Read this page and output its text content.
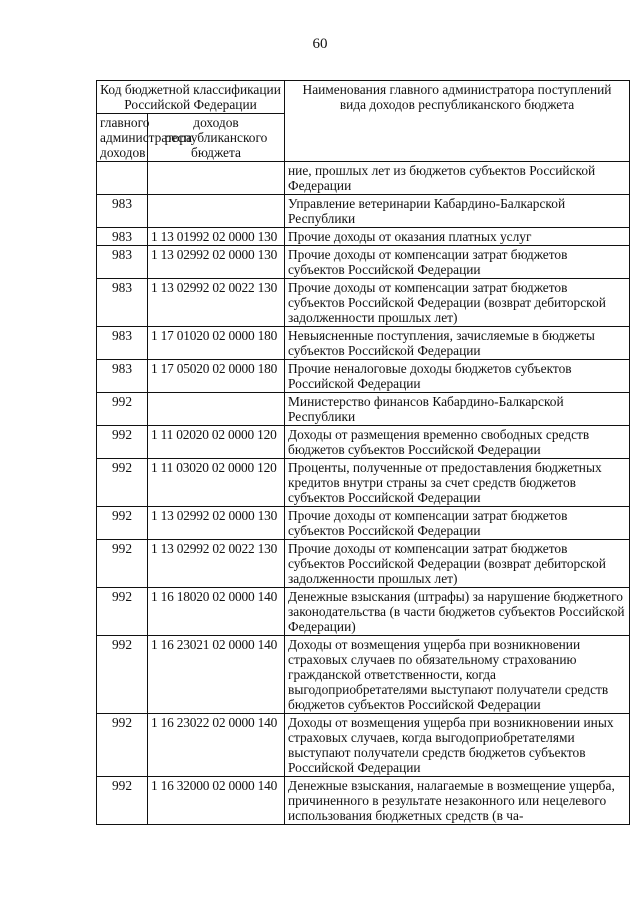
60
Код бюджетной классификации Российской Федерации		Наименования главного администратора поступлений вида доходов республиканского бюджета
главного администратора доходов	доходов республиканского бюджета	
		ние, прошлых лет из бюджетов субъектов Российской Федерации
983		Управление ветеринарии Кабардино-Балкарской Республики
983	1 13 01992 02 0000 130	Прочие доходы от оказания платных услуг
983	1 13 02992 02 0000 130	Прочие доходы от компенсации затрат бюджетов субъектов Российской Федерации
983	1 13 02992 02 0022 130	Прочие доходы от компенсации затрат бюджетов субъектов Российской Федерации (возврат дебиторской задолженности прошлых лет)
983	1 17 01020 02 0000 180	Невыясненные поступления, зачисляемые в бюджеты субъектов Российской Федерации
983	1 17 05020 02 0000 180	Прочие неналоговые доходы бюджетов субъектов Российской Федерации
992		Министерство финансов Кабардино-Балкарской Республики
992	1 11 02020 02 0000 120	Доходы от размещения временно свободных средств бюджетов субъектов Российской Федерации
992	1 11 03020 02 0000 120	Проценты, полученные от предоставления бюджетных кредитов внутри страны за счет средств бюджетов субъектов Российской Федерации
992	1 13 02992 02 0000 130	Прочие доходы от компенсации затрат бюджетов субъектов Российской Федерации
992	1 13 02992 02 0022 130	Прочие доходы от компенсации затрат бюджетов субъектов Российской Федерации (возврат дебиторской задолженности прошлых лет)
992	1 16 18020 02 0000 140	Денежные взыскания (штрафы) за нарушение бюджетного законодательства (в части бюджетов субъектов Российской Федерации)
992	1 16 23021 02 0000 140	Доходы от возмещения ущерба при возникновении страховых случаев по обязательному страхованию гражданской ответственности, когда выгодоприобретателями выступают получатели средств бюджетов субъектов Российской Федерации
992	1 16 23022 02 0000 140	Доходы от возмещения ущерба при возникновении иных страховых случаев, когда выгодоприобретателями выступают получатели средств бюджетов субъектов Российской Федерации
992	1 16 32000 02 0000 140	Денежные взыскания, налагаемые в возмещение ущерба, причиненного в результате незаконного или нецелевого использования бюджетных средств (в ча-
